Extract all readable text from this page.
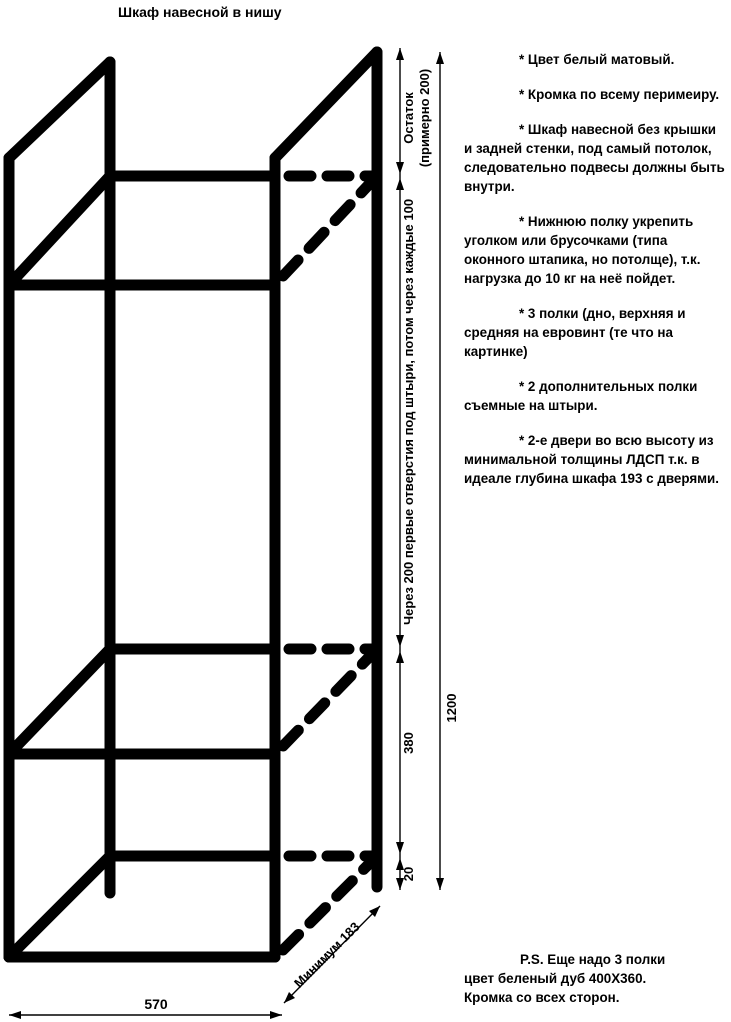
Шкаф навесной в нишу
Остаток (примерно 200)
Через 200 первые отверстия под штыри, потом через каждые 100
380
20
1200
570
Минимум 183

* Цвет белый матовый.

* Кромка по всему перимеиру.

* Шкаф навесной без крышки и задней стенки, под самый потолок, следовательно подвесы должны быть внутри.

* Нижнюю полку укрепить уголком или брусочками (типа оконного штапика, но потолще), т.к. нагрузка до 10 кг на неё пойдет.

* 3 полки (дно, верхняя и средняя на евровинт (те что на картинке)

* 2 дополнительных полки съемные на штыри.

* 2-е двери во всю высоту из минимальной толщины ЛДСП т.к. в идеале глубина шкафа 193 с дверями.

P.S. Еще надо 3 полки
цвет беленый дуб 400Х360.
Кромка со всех сторон.
